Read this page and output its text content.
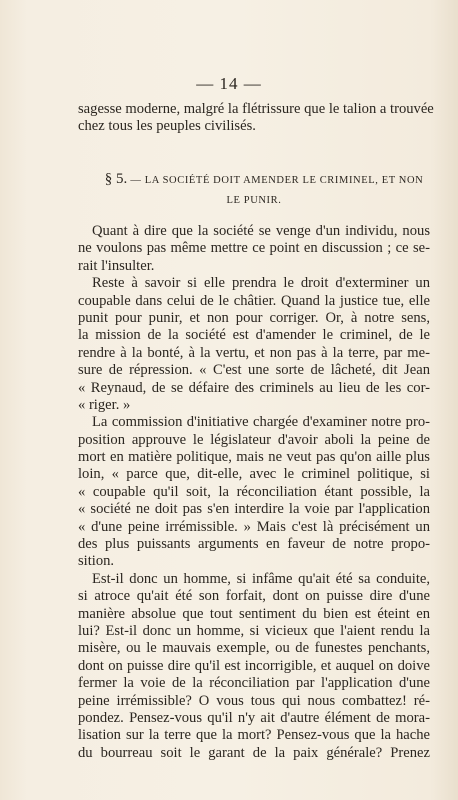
— 14 —
sagesse moderne, malgré la flétrissure que le talion a trouvée
chez tous les peuples civilisés.
§ 5. — LA SOCIÉTÉ DOIT AMENDER LE CRIMINEL, ET NON
LE PUNIR.
Quant à dire que la société se venge d'un individu, nous
ne voulons pas même mettre ce point en discussion ; ce se-
rait l'insulter.
Reste à savoir si elle prendra le droit d'exterminer un
coupable dans celui de le châtier. Quand la justice tue, elle
punit pour punir, et non pour corriger. Or, à notre sens,
la mission de la société est d'amender le criminel, de le
rendre à la bonté, à la vertu, et non pas à la terre, par me-
sure de répression. « C'est une sorte de lâcheté, dit Jean
« Reynaud, de se défaire des criminels au lieu de les cor-
« riger. »
La commission d'initiative chargée d'examiner notre pro-
position approuve le législateur d'avoir aboli la peine de
mort en matière politique, mais ne veut pas qu'on aille plus
loin, « parce que, dit-elle, avec le criminel politique, si
« coupable qu'il soit, la réconciliation étant possible, la
« société ne doit pas s'en interdire la voie par l'application
« d'une peine irrémissible. » Mais c'est là précisément un
des plus puissants arguments en faveur de notre propo-
sition.
Est-il donc un homme, si infâme qu'ait été sa conduite,
si atroce qu'ait été son forfait, dont on puisse dire d'une
manière absolue que tout sentiment du bien est éteint en
lui? Est-il donc un homme, si vicieux que l'aient rendu la
misère, ou le mauvais exemple, ou de funestes penchants,
dont on puisse dire qu'il est incorrigible, et auquel on doive
fermer la voie de la réconciliation par l'application d'une
peine irrémissible? O vous tous qui nous combattez! ré-
pondez. Pensez-vous qu'il n'y ait d'autre élément de mora-
lisation sur la terre que la mort? Pensez-vous que la hache
du bourreau soit le garant de la paix générale? Prenez
